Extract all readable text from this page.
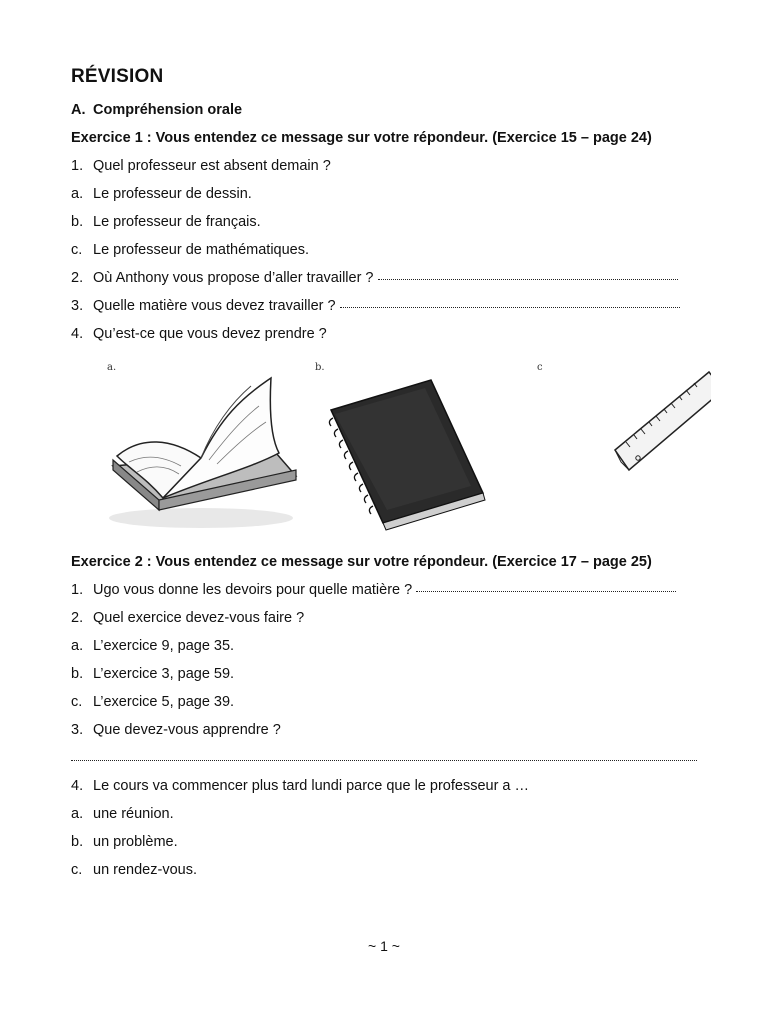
RÉVISION
A. Compréhension orale
Exercice 1 : Vous entendez ce message sur votre répondeur. (Exercice 15 – page 24)
1. Quel professeur est absent demain ?
a. Le professeur de dessin.
b. Le professeur de français.
c. Le professeur de mathématiques.
2. Où Anthony vous propose d’aller travailler ?
3. Quelle matière vous devez travailler ?
4. Qu’est-ce que vous devez prendre ?
a.	b.	c
Exercice 2 : Vous entendez ce message sur votre répondeur. (Exercice 17 – page 25)
1. Ugo vous donne les devoirs pour quelle matière ?
2. Quel exercice devez-vous faire ?
a. L’exercice 9, page 35.
b. L’exercice 3, page 59.
c. L’exercice 5, page 39.
3. Que devez-vous apprendre ?
4. Le cours va commencer plus tard lundi parce que le professeur a …
a. une réunion.
b. un problème.
c. un rendez-vous.
~ 1 ~
